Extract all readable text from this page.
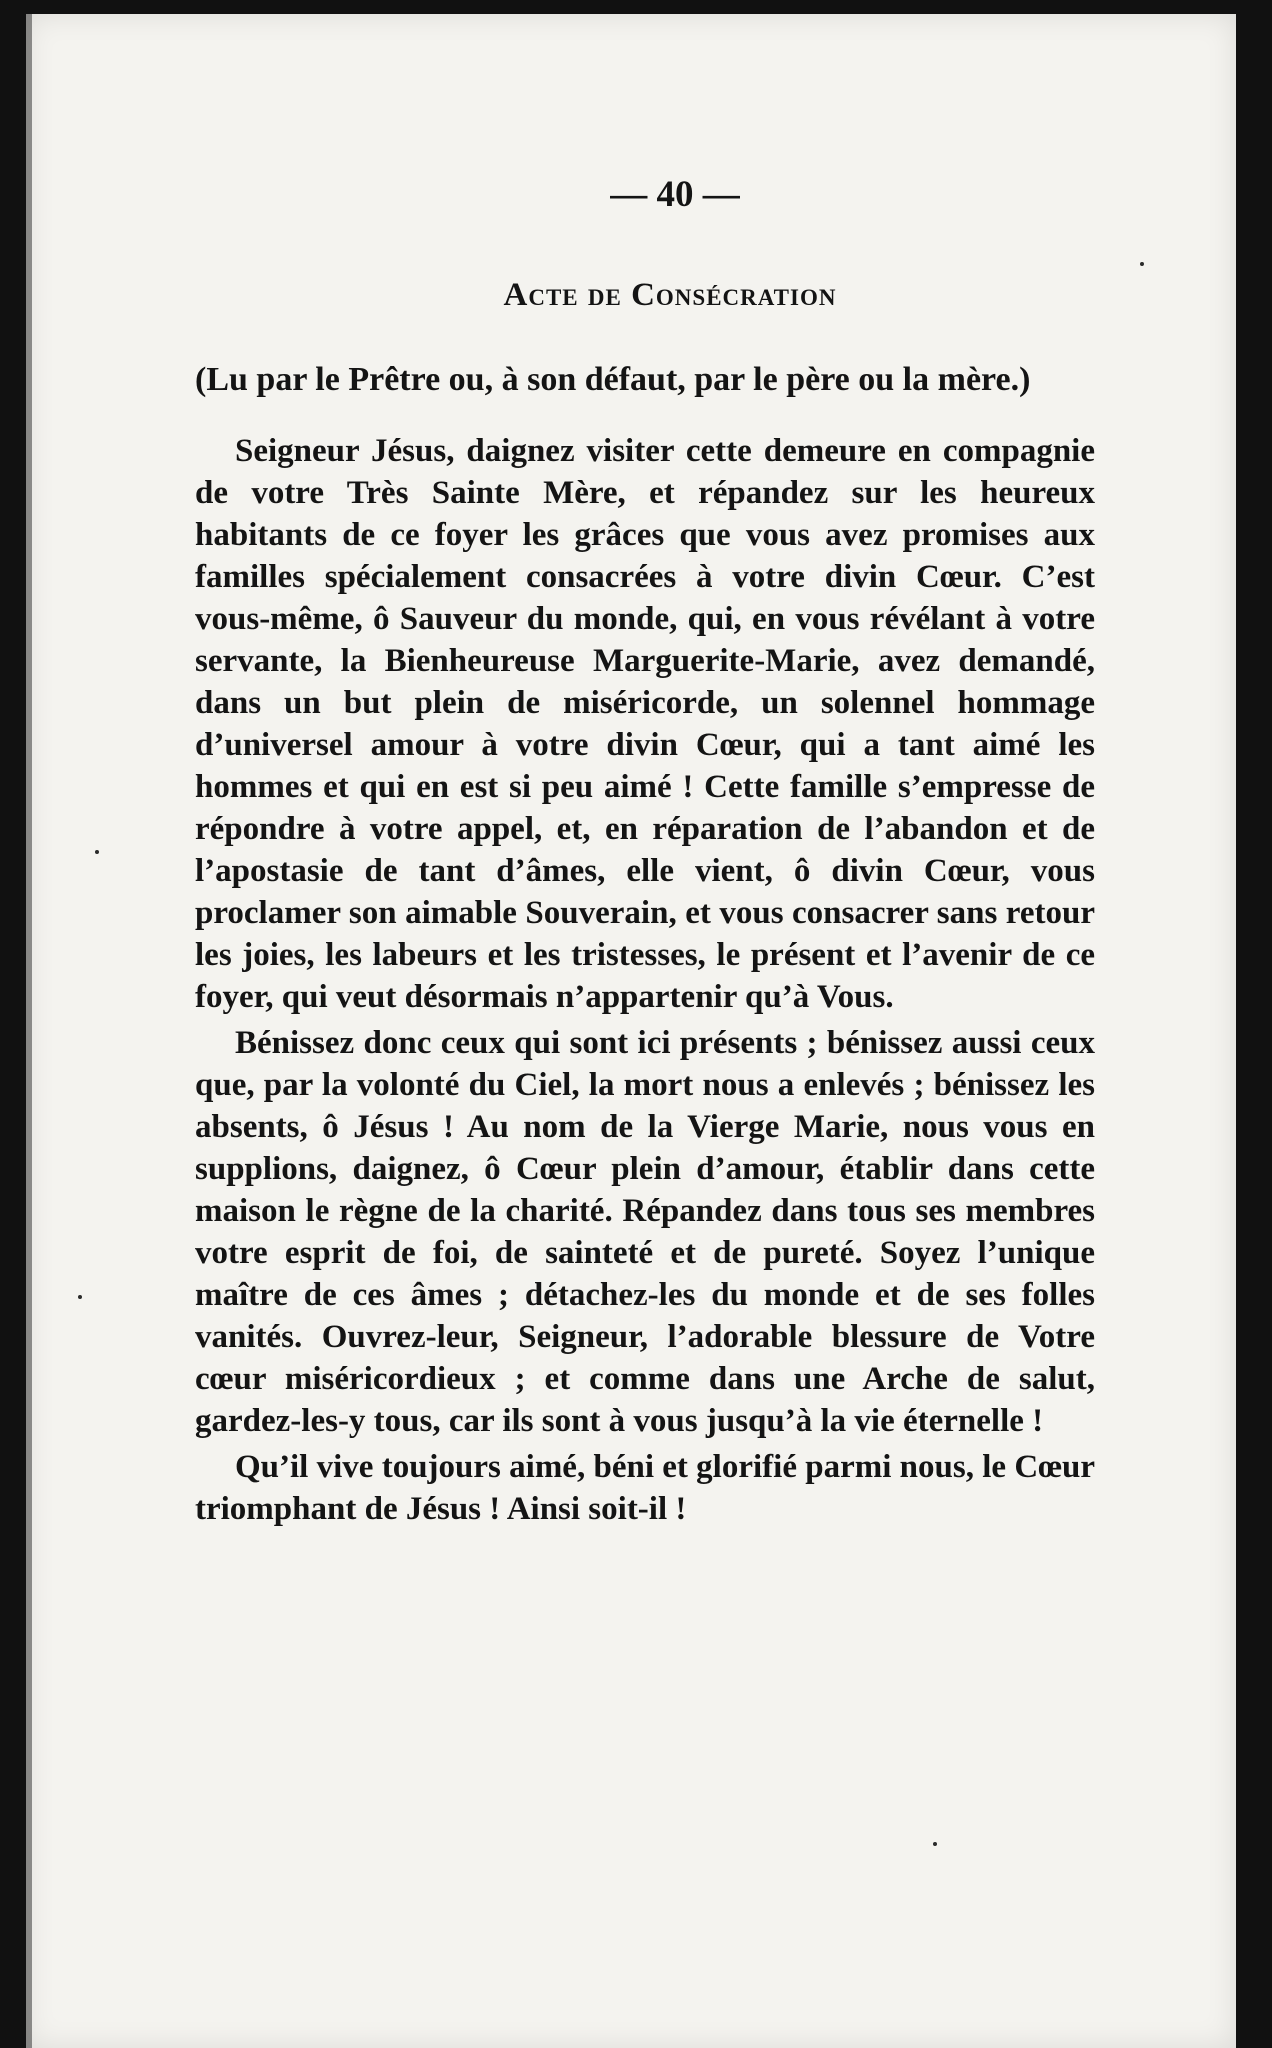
— 40 —

Acte de Consécration

(Lu par le Prêtre ou, à son défaut, par le père ou la mère.)

Seigneur Jésus, daignez visiter cette demeure en compagnie de votre Très Sainte Mère, et répandez sur les heureux habitants de ce foyer les grâces que vous avez promises aux familles spécialement consacrées à votre divin Cœur. C’est vous-même, ô Sauveur du monde, qui, en vous révélant à votre servante, la Bienheureuse Marguerite-Marie, avez demandé, dans un but plein de miséricorde, un solennel hommage d’universel amour à votre divin Cœur, qui a tant aimé les hommes et qui en est si peu aimé ! Cette famille s’empresse de répondre à votre appel, et, en réparation de l’abandon et de l’apostasie de tant d’âmes, elle vient, ô divin Cœur, vous proclamer son aimable Souverain, et vous consacrer sans retour les joies, les labeurs et les tristesses, le présent et l’avenir de ce foyer, qui veut désormais n’appartenir qu’à Vous.

Bénissez donc ceux qui sont ici présents ; bénissez aussi ceux que, par la volonté du Ciel, la mort nous a enlevés ; bénissez les absents, ô Jésus ! Au nom de la Vierge Marie, nous vous en supplions, daignez, ô Cœur plein d’amour, établir dans cette maison le règne de la charité. Répandez dans tous ses membres votre esprit de foi, de sainteté et de pureté. Soyez l’unique maître de ces âmes ; détachez-les du monde et de ses folles vanités. Ouvrez-leur, Seigneur, l’adorable blessure de Votre cœur miséricordieux ; et comme dans une Arche de salut, gardez-les-y tous, car ils sont à vous jusqu’à la vie éternelle !

Qu’il vive toujours aimé, béni et glorifié parmi nous, le Cœur triomphant de Jésus ! Ainsi soit-il !
